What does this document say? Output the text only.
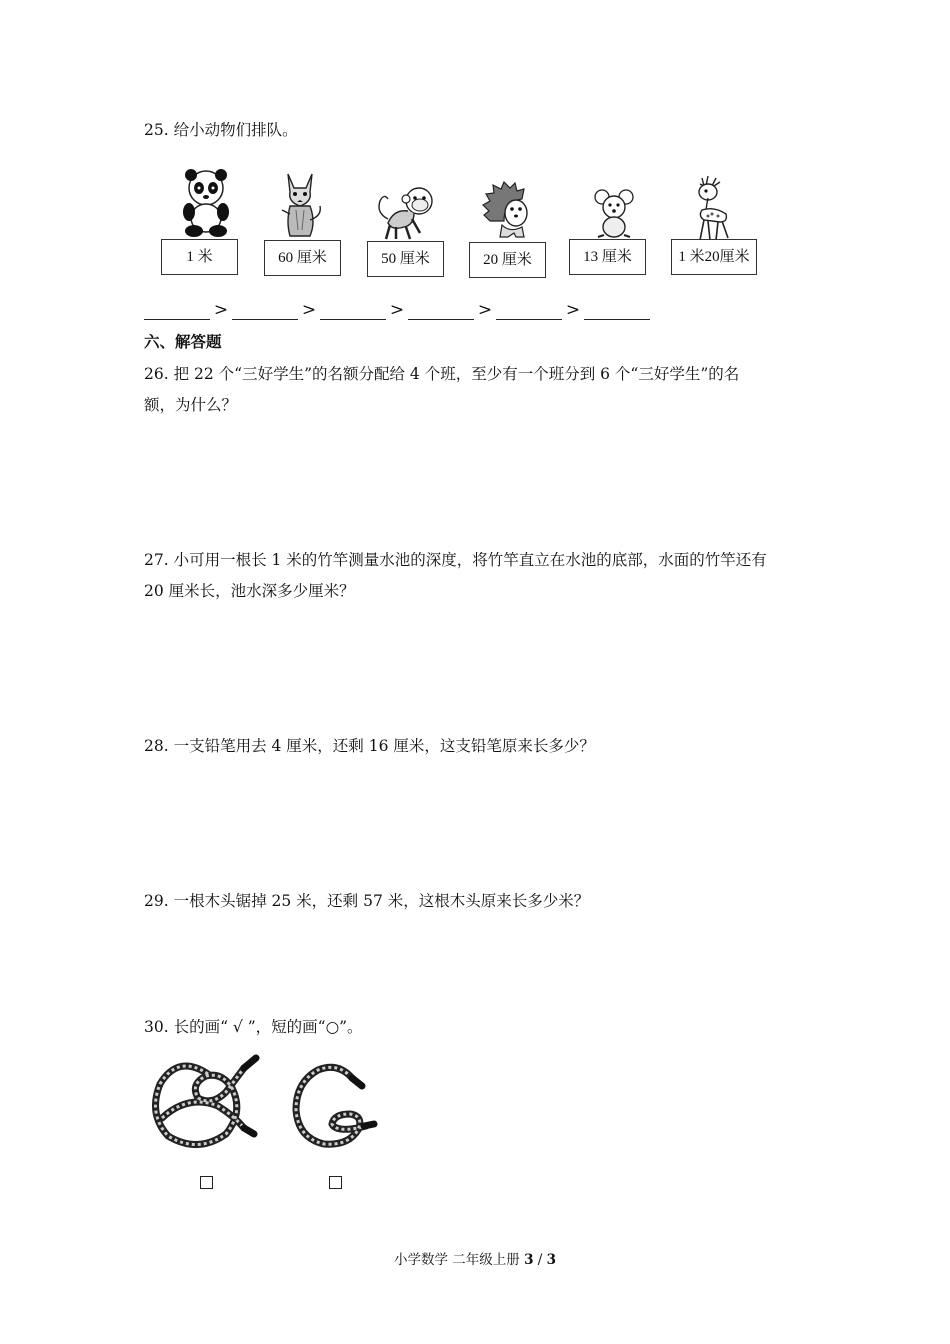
25. 给小动物们排队。
1 米	60 厘米	50 厘米	20 厘米	13 厘米	1 米20厘米
>	>	>	>	>
六、解答题
26. 把 22 个“三好学生”的名额分配给 4 个班，至少有一个班分到 6 个“三好学生”的名
额，为什么？
27. 小可用一根长 1 米的竹竿测量水池的深度，将竹竿直立在水池的底部，水面的竹竿还有
20 厘米长，池水深多少厘米？
28. 一支铅笔用去 4 厘米，还剩 16 厘米，这支铅笔原来长多少？
29. 一根木头锯掉 25 米，还剩 57 米，这根木头原来长多少米？
30. 长的画“ √ ”，短的画“○”。
小学数学 二年级上册 3 / 3
